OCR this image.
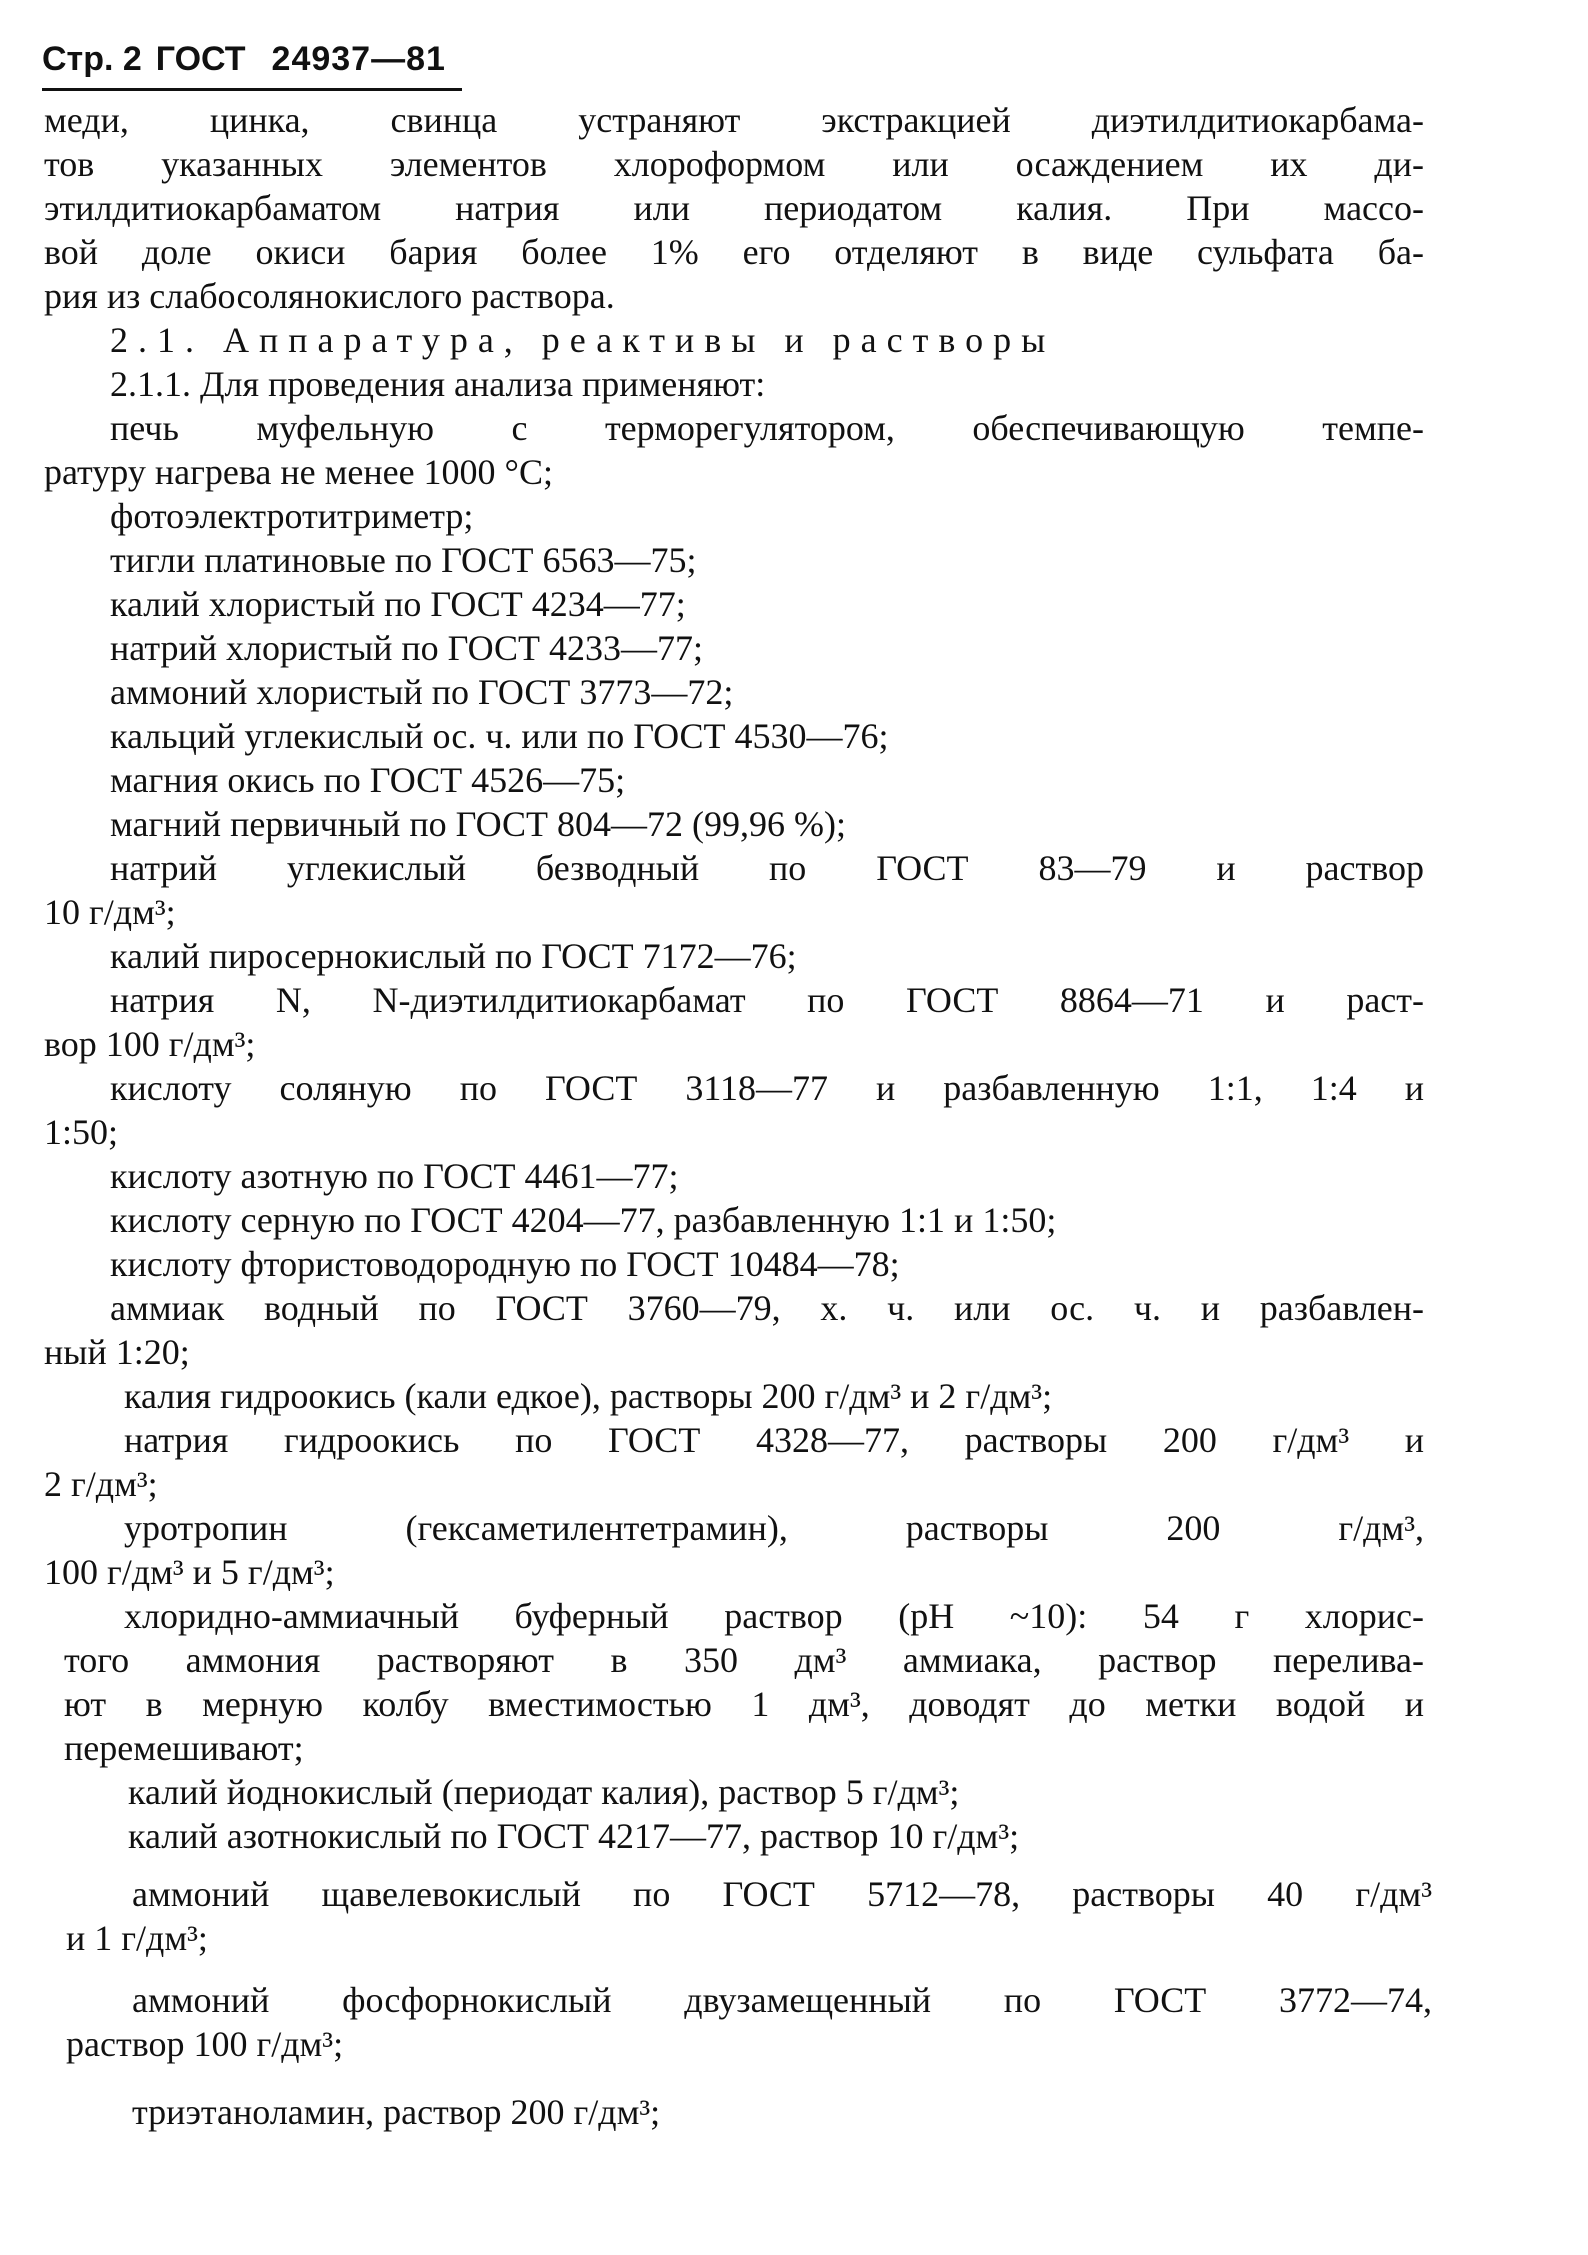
Стр. 2 ГОСТ 24937—81
меди, цинка, свинца устраняют экстракцией диэтилдитиокарбама-
тов указанных элементов хлороформом или осаждением их ди-
этилдитиокарбаматом натрия или периодатом калия. При массо-
вой доле окиси бария более 1% его отделяют в виде сульфата ба-
рия из слабосолянокислого раствора.
2.1. Аппаратура, реактивы и растворы
2.1.1. Для проведения анализа применяют:
печь муфельную с терморегулятором, обеспечивающую темпе-
ратуру нагрева не менее 1000 °С;
фотоэлектротитриметр;
тигли платиновые по ГОСТ 6563—75;
калий хлористый по ГОСТ 4234—77;
натрий хлористый по ГОСТ 4233—77;
аммоний хлористый по ГОСТ 3773—72;
кальций углекислый ос. ч. или по ГОСТ 4530—76;
магния окись по ГОСТ 4526—75;
магний первичный по ГОСТ 804—72 (99,96 %);
натрий углекислый безводный по ГОСТ 83—79 и раствор
10 г/дм³;
калий пиросернокислый по ГОСТ 7172—76;
натрия N, N-диэтилдитиокарбамат по ГОСТ 8864—71 и раст-
вор 100 г/дм³;
кислоту соляную по ГОСТ 3118—77 и разбавленную 1:1, 1:4 и
1:50;
кислоту азотную по ГОСТ 4461—77;
кислоту серную по ГОСТ 4204—77, разбавленную 1:1 и 1:50;
кислоту фтористоводородную по ГОСТ 10484—78;
аммиак водный по ГОСТ 3760—79, х. ч. или ос. ч. и разбавлен-
ный 1:20;
калия гидроокись (кали едкое), растворы 200 г/дм³ и 2 г/дм³;
натрия гидроокись по ГОСТ 4328—77, растворы 200 г/дм³ и
2 г/дм³;
уротропин (гексаметилентетрамин), растворы 200 г/дм³,
100 г/дм³ и 5 г/дм³;
хлоридно-аммиачный буферный раствор (рН ~10): 54 г хлорис-
того аммония растворяют в 350 дм³ аммиака, раствор перелива-
ют в мерную колбу вместимостью 1 дм³, доводят до метки водой и
перемешивают;
калий йоднокислый (периодат калия), раствор 5 г/дм³;
калий азотнокислый по ГОСТ 4217—77, раствор 10 г/дм³;
аммоний щавелевокислый по ГОСТ 5712—78, растворы 40 г/дм³
и 1 г/дм³;
аммоний фосфорнокислый двузамещенный по ГОСТ 3772—74,
раствор 100 г/дм³;
триэтаноламин, раствор 200 г/дм³;
